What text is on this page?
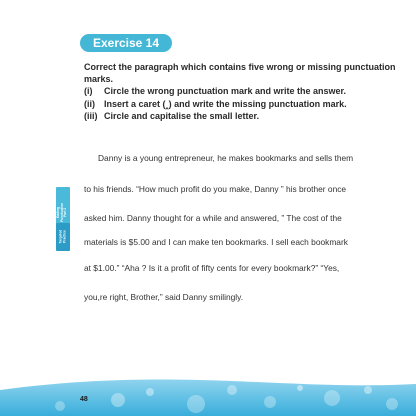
Exercise 14

Correct the paragraph which contains five wrong or missing punctuation

marks.

(i) Circle the wrong punctuation mark and write the answer.
(ii) Insert a caret (‸) and write the missing punctuation mark.
(iii) Circle and capitalise the small letter.
Danny is a young entrepreneur, he makes bookmarks and sells them
to his friends. “How much profit do you make, Danny ” his brother once
asked him. Danny thought for a while and answered, ” The cost of the
materials is $5.00 and I can make ten bookmarks. I sell each bookmark
at $1.00.” “Aha ? Is it a profit of fifty cents for every bookmark?” “Yes,
you,re right, Brother,” said Danny smilingly.
Editing
Punctuation
Part 2
Targeted
Practice
48
